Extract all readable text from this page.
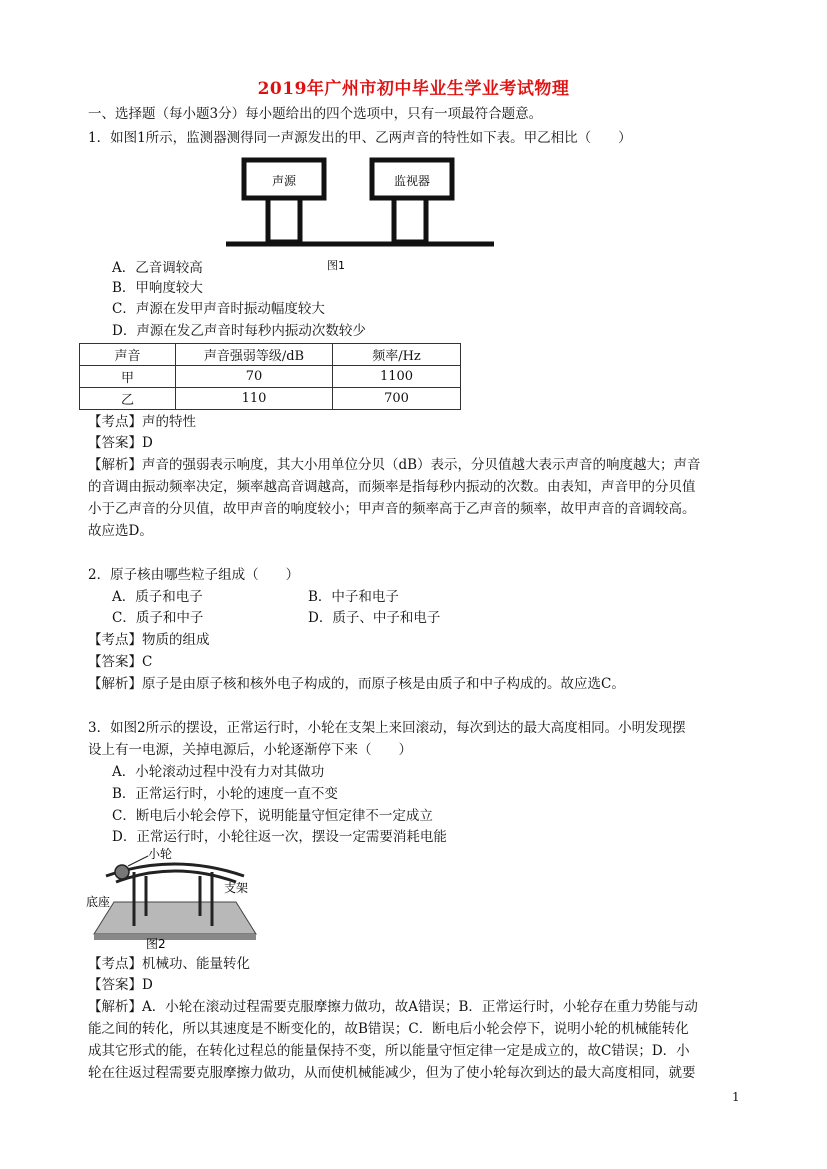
2019年广州市初中毕业生学业考试物理
一、选择题（每小题3分）每小题给出的四个选项中，只有一项最符合题意。
1．如图1所示，监测器测得同一声源发出的甲、乙两声音的特性如下表。甲乙相比（　　）
声源	监视器
图1
A．乙音调较高
B．甲响度较大
C．声源在发甲声音时振动幅度较大
D．声源在发乙声音时每秒内振动次数较少
声音	声音强弱等级/dB	频率/Hz
甲	70	1100
乙	110	700
【考点】声的特性
【答案】D
【解析】声音的强弱表示响度，其大小用单位分贝（dB）表示，分贝值越大表示声音的响度越大；声音
的音调由振动频率决定，频率越高音调越高，而频率是指每秒内振动的次数。由表知，声音甲的分贝值
小于乙声音的分贝值，故甲声音的响度较小；甲声音的频率高于乙声音的频率，故甲声音的音调较高。
故应选D。
2．原子核由哪些粒子组成（　　）
A．质子和电子	B．中子和电子
C．质子和中子	D．质子、中子和电子
【考点】物质的组成
【答案】C
【解析】原子是由原子核和核外电子构成的，而原子核是由质子和中子构成的。故应选C。
3．如图2所示的摆设，正常运行时，小轮在支架上来回滚动，每次到达的最大高度相同。小明发现摆
设上有一电源，关掉电源后，小轮逐渐停下来（　　）
A．小轮滚动过程中没有力对其做功
B．正常运行时，小轮的速度一直不变
C．断电后小轮会停下，说明能量守恒定律不一定成立
D．正常运行时，小轮往返一次，摆设一定需要消耗电能
小轮
支架
底座
图2
【考点】机械功、能量转化
【答案】D
【解析】A．小轮在滚动过程需要克服摩擦力做功，故A错误；B．正常运行时，小轮存在重力势能与动
能之间的转化，所以其速度是不断变化的，故B错误；C．断电后小轮会停下，说明小轮的机械能转化
成其它形式的能，在转化过程总的能量保持不变，所以能量守恒定律一定是成立的，故C错误；D．小
轮在往返过程需要克服摩擦力做功，从而使机械能减少，但为了使小轮每次到达的最大高度相同，就要
1
